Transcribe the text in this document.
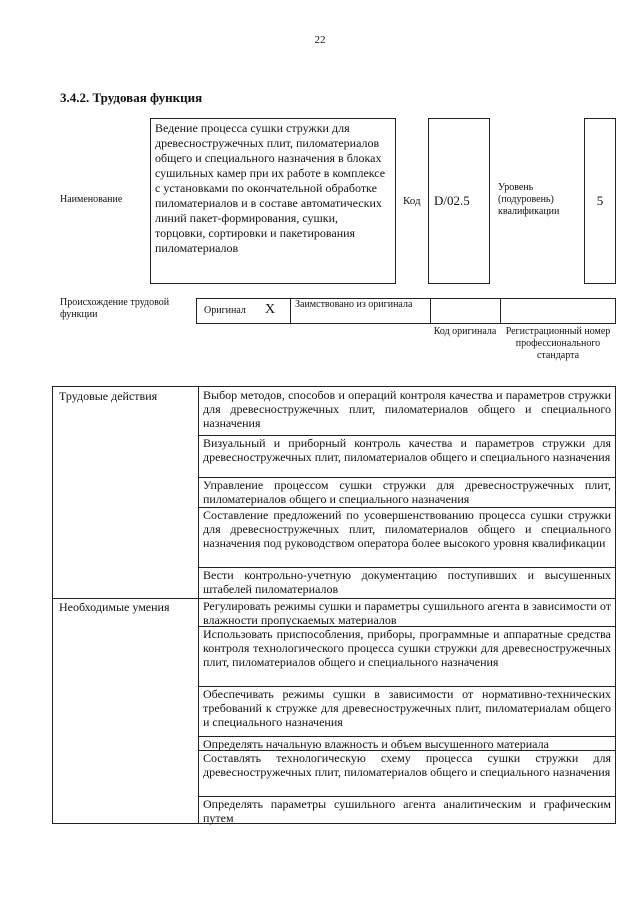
22
3.4.2. Трудовая функция
Наименование
Ведение процесса сушки стружки для древесностружечных плит, пиломатериалов общего и специального назначения в блоках сушильных камер при их работе в комплексе с установками по окончательной обработке пиломатериалов и в составе автоматических линий пакет-формирования, сушки, торцовки, сортировки и пакетирования пиломатериалов
Код D/02.5
Уровень (подуровень) квалификации
5
Происхождение трудовой функции	Оригинал X Заимствовано из оригинала
Код оригинала Регистрационный номер профессионального стандарта
Трудовые действия	Выбор методов, способов и операций контроля качества и параметров стружки для древесностружечных плит, пиломатериалов общего и специального назначения
Визуальный и приборный контроль качества и параметров стружки для древесностружечных плит, пиломатериалов общего и специального назначения
Управление процессом сушки стружки для древесностружечных плит, пиломатериалов общего и специального назначения
Составление предложений по усовершенствованию процесса сушки стружки для древесностружечных плит, пиломатериалов общего и специального назначения под руководством оператора более высокого уровня квалификации
Вести контрольно-учетную документацию поступивших и высушенных штабелей пиломатериалов
Необходимые умения	Регулировать режимы сушки и параметры сушильного агента в зависимости от влажности пропускаемых материалов
Использовать приспособления, приборы, программные и аппаратные средства контроля технологического процесса сушки стружки для древесностружечных плит, пиломатериалов общего и специального назначения
Обеспечивать режимы сушки в зависимости от нормативно-технических требований к стружке для древесностружечных плит, пиломатериалам общего и специального назначения
Определять начальную влажность и объем высушенного материала
Составлять технологическую схему процесса сушки стружки для древесностружечных плит, пиломатериалов общего и специального назначения
Определять параметры сушильного агента аналитическим и графическим путем
